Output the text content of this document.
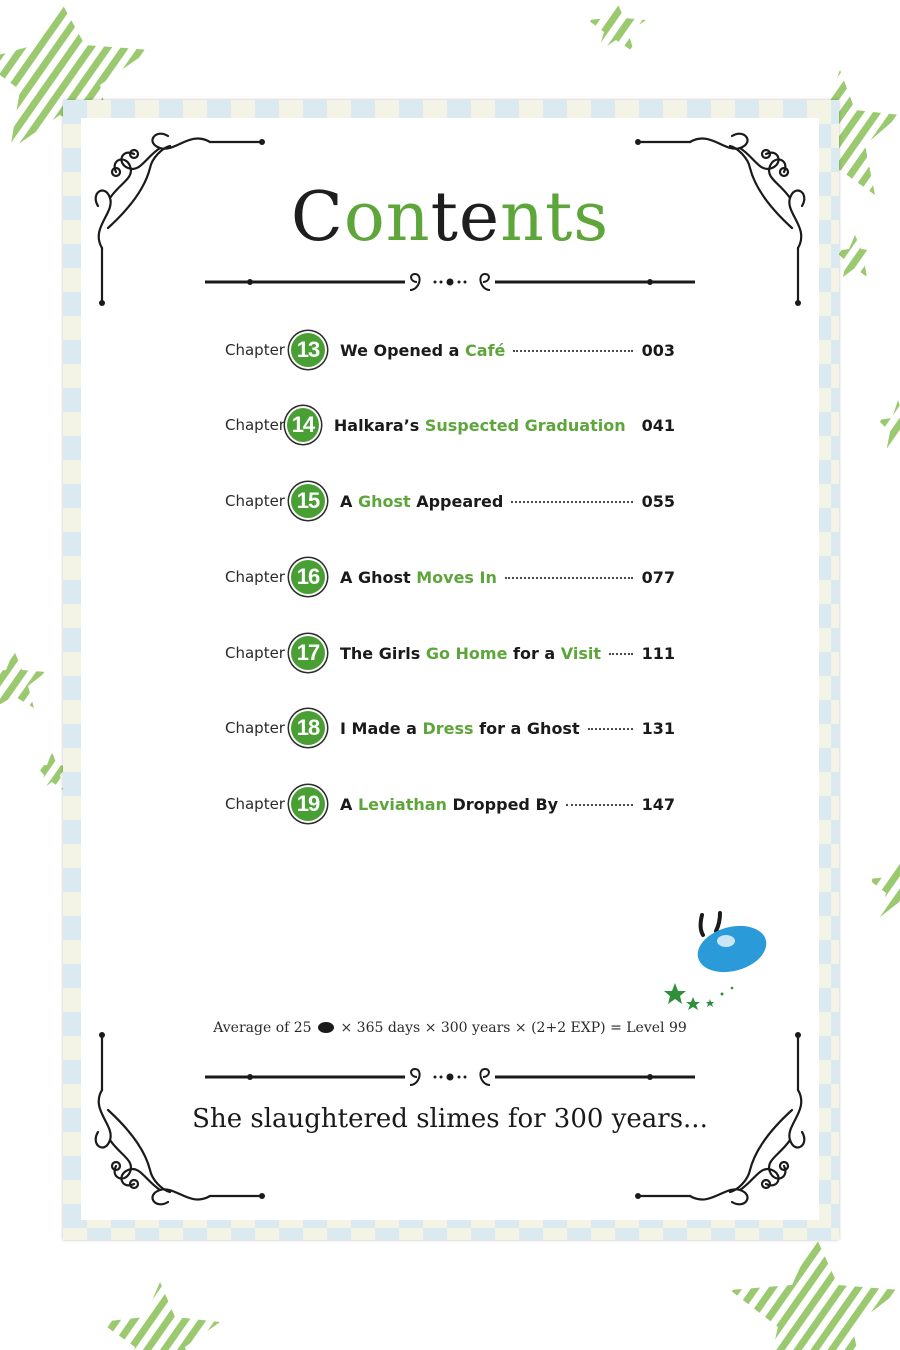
Contents
Chapter 13	We Opened a Café	003
Chapter 14 Halkara’s Suspected Graduation 041
Chapter 15	A Ghost Appeared	055
Chapter 16	A Ghost Moves In	077
Chapter 17	The Girls Go Home for a Visit	111
Chapter 18	I Made a Dress for a Ghost	131
Chapter 19	A Leviathan Dropped By	147
Average of 25 × 365 days × 300 years × (2+2 EXP) = Level 99
She slaughtered slimes for 300 years...
